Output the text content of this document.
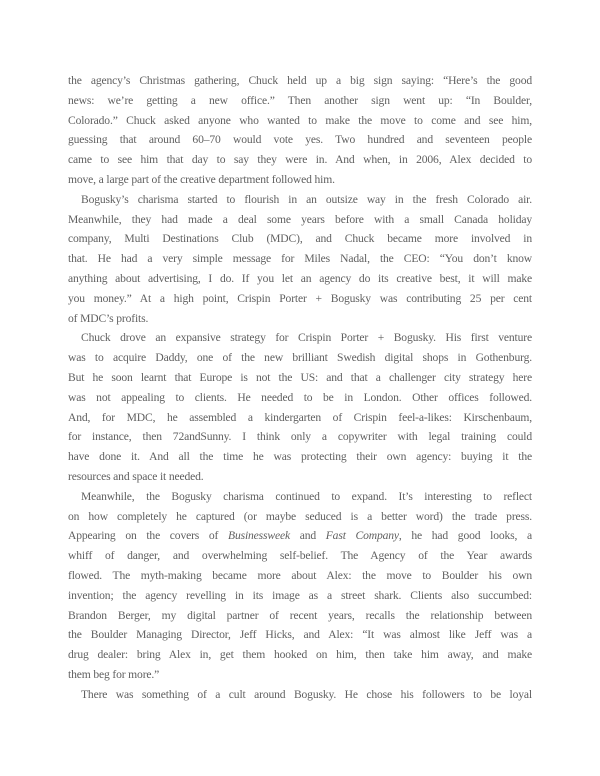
the agency’s Christmas gathering, Chuck held up a big sign saying: “Here’s the good
news: we’re getting a new office.” Then another sign went up: “In Boulder,
Colorado.” Chuck asked anyone who wanted to make the move to come and see him,
guessing that around 60–70 would vote yes. Two hundred and seventeen people
came to see him that day to say they were in. And when, in 2006, Alex decided to
move, a large part of the creative department followed him.
Bogusky’s charisma started to flourish in an outsize way in the fresh Colorado air.
Meanwhile, they had made a deal some years before with a small Canada holiday
company, Multi Destinations Club (MDC), and Chuck became more involved in
that. He had a very simple message for Miles Nadal, the CEO: “You don’t know
anything about advertising, I do. If you let an agency do its creative best, it will make
you money.” At a high point, Crispin Porter + Bogusky was contributing 25 per cent
of MDC’s profits.
Chuck drove an expansive strategy for Crispin Porter + Bogusky. His first venture
was to acquire Daddy, one of the new brilliant Swedish digital shops in Gothenburg.
But he soon learnt that Europe is not the US: and that a challenger city strategy here
was not appealing to clients. He needed to be in London. Other offices followed.
And, for MDC, he assembled a kindergarten of Crispin feel-a-likes: Kirschenbaum,
for instance, then 72andSunny. I think only a copywriter with legal training could
have done it. And all the time he was protecting their own agency: buying it the
resources and space it needed.
Meanwhile, the Bogusky charisma continued to expand. It’s interesting to reflect
on how completely he captured (or maybe seduced is a better word) the trade press.
Appearing on the covers of Businessweek and Fast Company, he had good looks, a
whiff of danger, and overwhelming self-belief. The Agency of the Year awards
flowed. The myth-making became more about Alex: the move to Boulder his own
invention; the agency revelling in its image as a street shark. Clients also succumbed:
Brandon Berger, my digital partner of recent years, recalls the relationship between
the Boulder Managing Director, Jeff Hicks, and Alex: “It was almost like Jeff was a
drug dealer: bring Alex in, get them hooked on him, then take him away, and make
them beg for more.”
There was something of a cult around Bogusky. He chose his followers to be loyal
